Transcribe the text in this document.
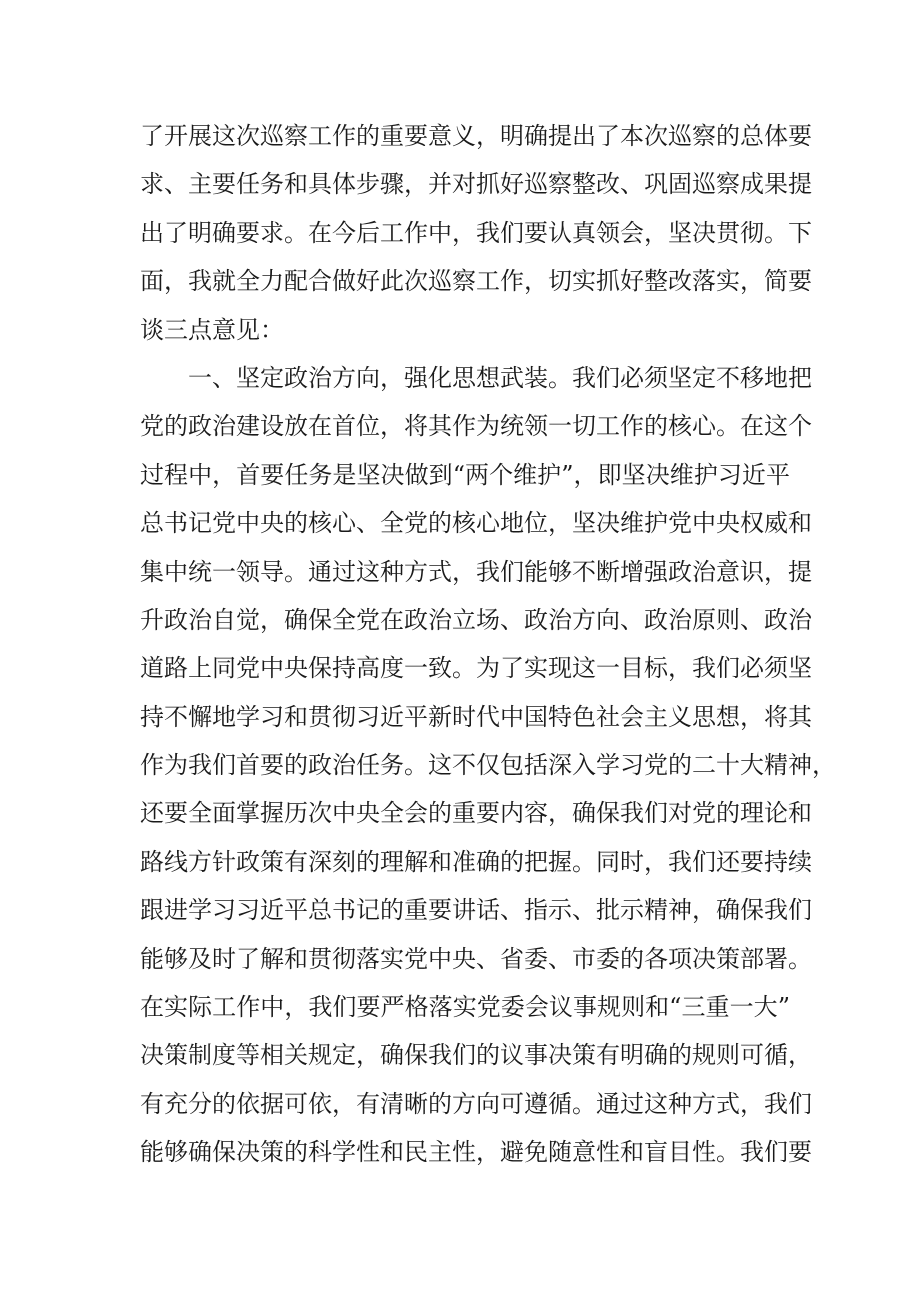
了开展这次巡察工作的重要意义，明确提出了本次巡察的总体要
求、主要任务和具体步骤，并对抓好巡察整改、巩固巡察成果提
出了明确要求。在今后工作中，我们要认真领会，坚决贯彻。下
面，我就全力配合做好此次巡察工作，切实抓好整改落实，简要
谈三点意见：
一、坚定政治方向，强化思想武装。我们必须坚定不移地把
党的政治建设放在首位，将其作为统领一切工作的核心。在这个
过程中，首要任务是坚决做到“两个维护”，即坚决维护习近平
总书记党中央的核心、全党的核心地位，坚决维护党中央权威和
集中统一领导。通过这种方式，我们能够不断增强政治意识，提
升政治自觉，确保全党在政治立场、政治方向、政治原则、政治
道路上同党中央保持高度一致。为了实现这一目标，我们必须坚
持不懈地学习和贯彻习近平新时代中国特色社会主义思想，将其
作为我们首要的政治任务。这不仅包括深入学习党的二十大精神，
还要全面掌握历次中央全会的重要内容，确保我们对党的理论和
路线方针政策有深刻的理解和准确的把握。同时，我们还要持续
跟进学习习近平总书记的重要讲话、指示、批示精神，确保我们
能够及时了解和贯彻落实党中央、省委、市委的各项决策部署。
在实际工作中，我们要严格落实党委会议事规则和“三重一大”
决策制度等相关规定，确保我们的议事决策有明确的规则可循，
有充分的依据可依，有清晰的方向可遵循。通过这种方式，我们
能够确保决策的科学性和民主性，避免随意性和盲目性。我们要
